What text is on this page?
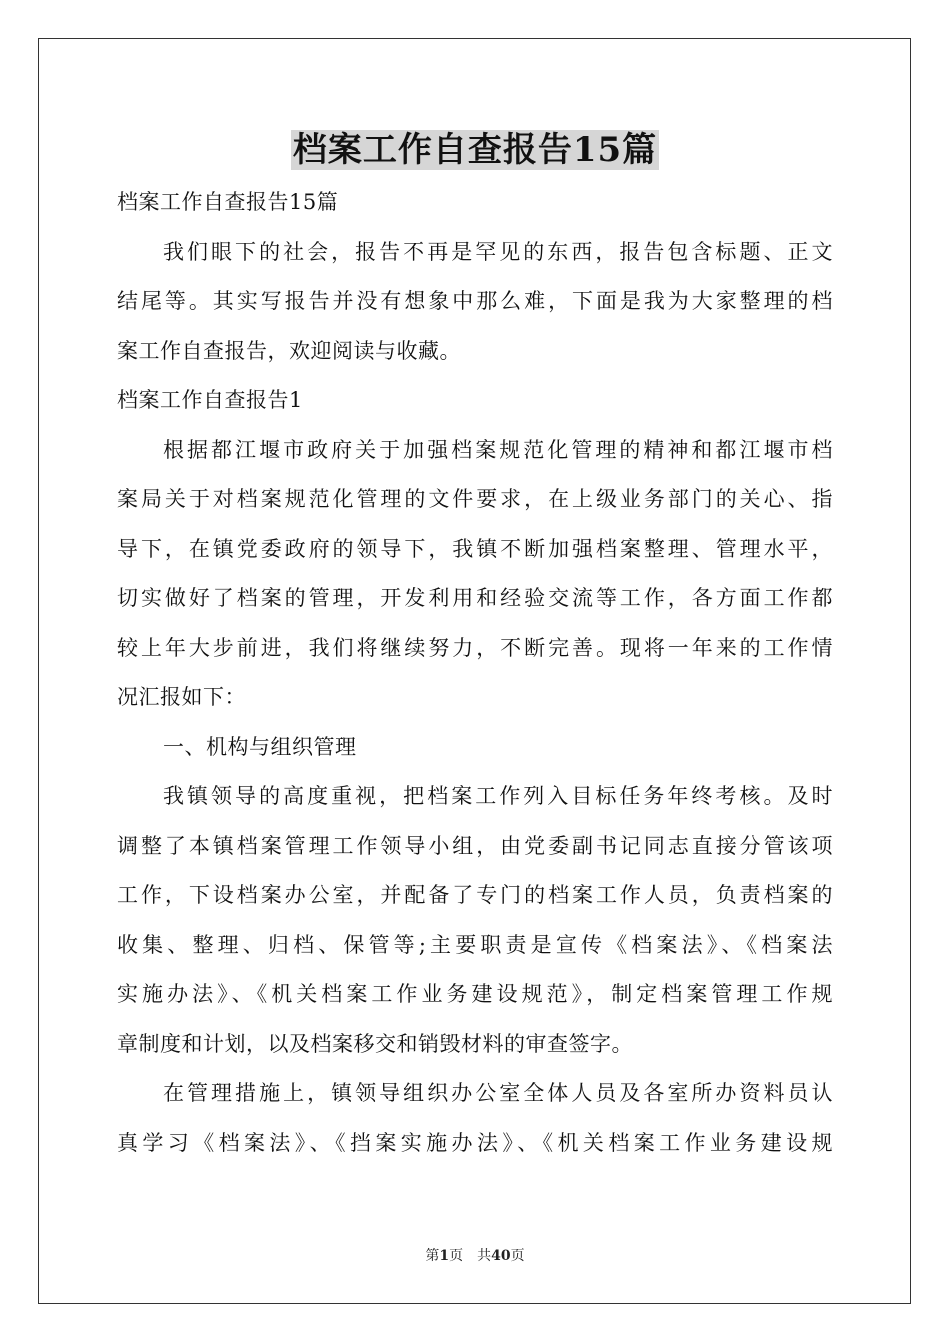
档案工作自查报告15篇

档案工作自查报告15篇

我们眼下的社会，报告不再是罕见的东西，报告包含标题、正文

结尾等。其实写报告并没有想象中那么难，下面是我为大家整理的档

案工作自查报告，欢迎阅读与收藏。

档案工作自查报告1

根据都江堰市政府关于加强档案规范化管理的精神和都江堰市档

案局关于对档案规范化管理的文件要求，在上级业务部门的关心、指

导下，在镇党委政府的领导下，我镇不断加强档案整理、管理水平，

切实做好了档案的管理，开发利用和经验交流等工作，各方面工作都

较上年大步前进，我们将继续努力，不断完善。现将一年来的工作情

况汇报如下：

一、机构与组织管理

我镇领导的高度重视，把档案工作列入目标任务年终考核。及时

调整了本镇档案管理工作领导小组，由党委副书记同志直接分管该项

工作，下设档案办公室，并配备了专门的档案工作人员，负责档案的

收集、整理、归档、保管等;主要职责是宣传《档案法》、《档案法

实施办法》、《机关档案工作业务建设规范》，制定档案管理工作规

章制度和计划，以及档案移交和销毁材料的审查签字。

在管理措施上，镇领导组织办公室全体人员及各室所办资料员认

真学习《档案法》、《挡案实施办法》、《机关档案工作业务建设规

第1页 共40页
